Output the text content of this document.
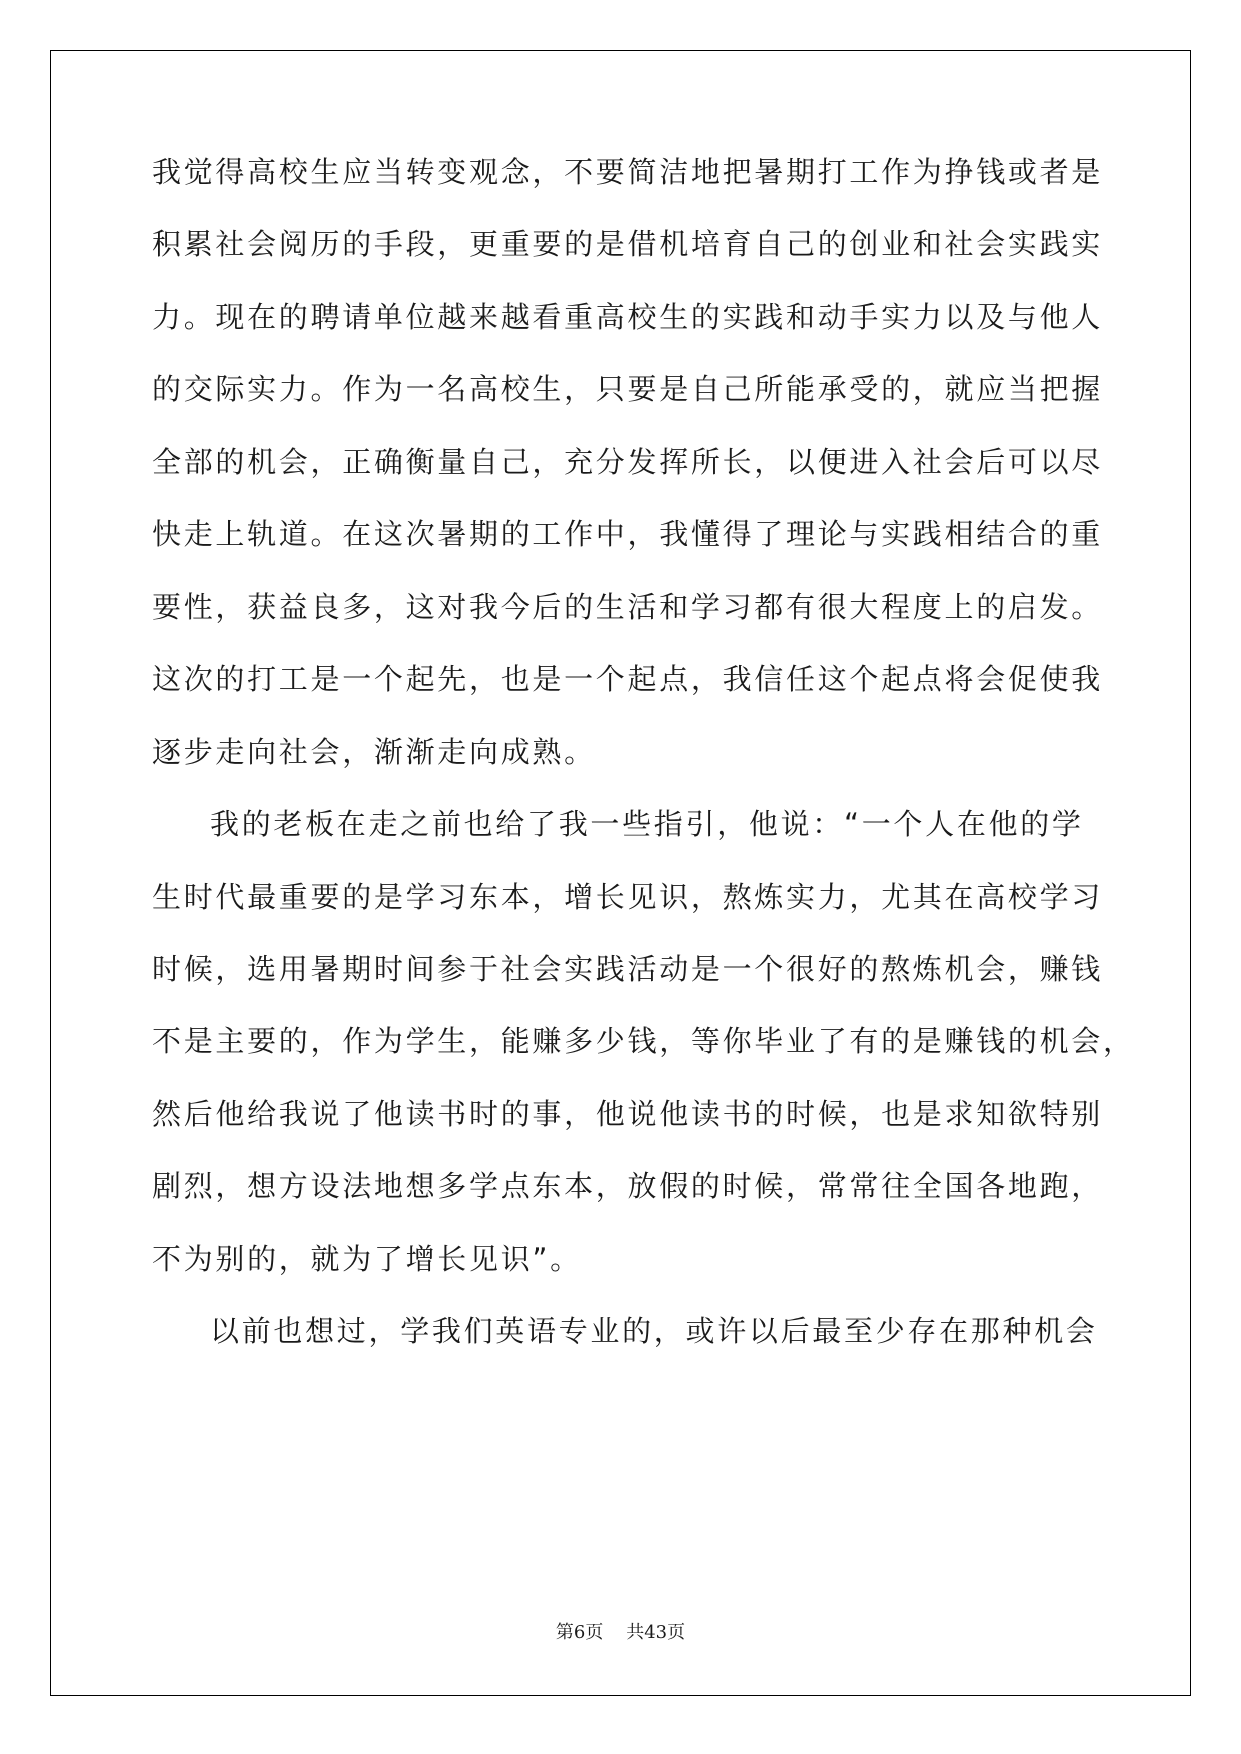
我觉得高校生应当转变观念，不要简洁地把暑期打工作为挣钱或者是
积累社会阅历的手段，更重要的是借机培育自己的创业和社会实践实
力。现在的聘请单位越来越看重高校生的实践和动手实力以及与他人
的交际实力。作为一名高校生，只要是自己所能承受的，就应当把握
全部的机会，正确衡量自己，充分发挥所长，以便进入社会后可以尽
快走上轨道。在这次暑期的工作中，我懂得了理论与实践相结合的重
要性，获益良多，这对我今后的生活和学习都有很大程度上的启发。
这次的打工是一个起先，也是一个起点，我信任这个起点将会促使我
逐步走向社会，渐渐走向成熟。
我的老板在走之前也给了我一些指引，他说：“一个人在他的学
生时代最重要的是学习东本，增长见识，熬炼实力，尤其在高校学习
时候，选用暑期时间参于社会实践活动是一个很好的熬炼机会，赚钱
不是主要的，作为学生，能赚多少钱，等你毕业了有的是赚钱的机会，
然后他给我说了他读书时的事，他说他读书的时候，也是求知欲特别
剧烈，想方设法地想多学点东本，放假的时候，常常往全国各地跑，
不为别的，就为了增长见识”。
以前也想过，学我们英语专业的，或许以后最至少存在那种机会
第6页 共43页
